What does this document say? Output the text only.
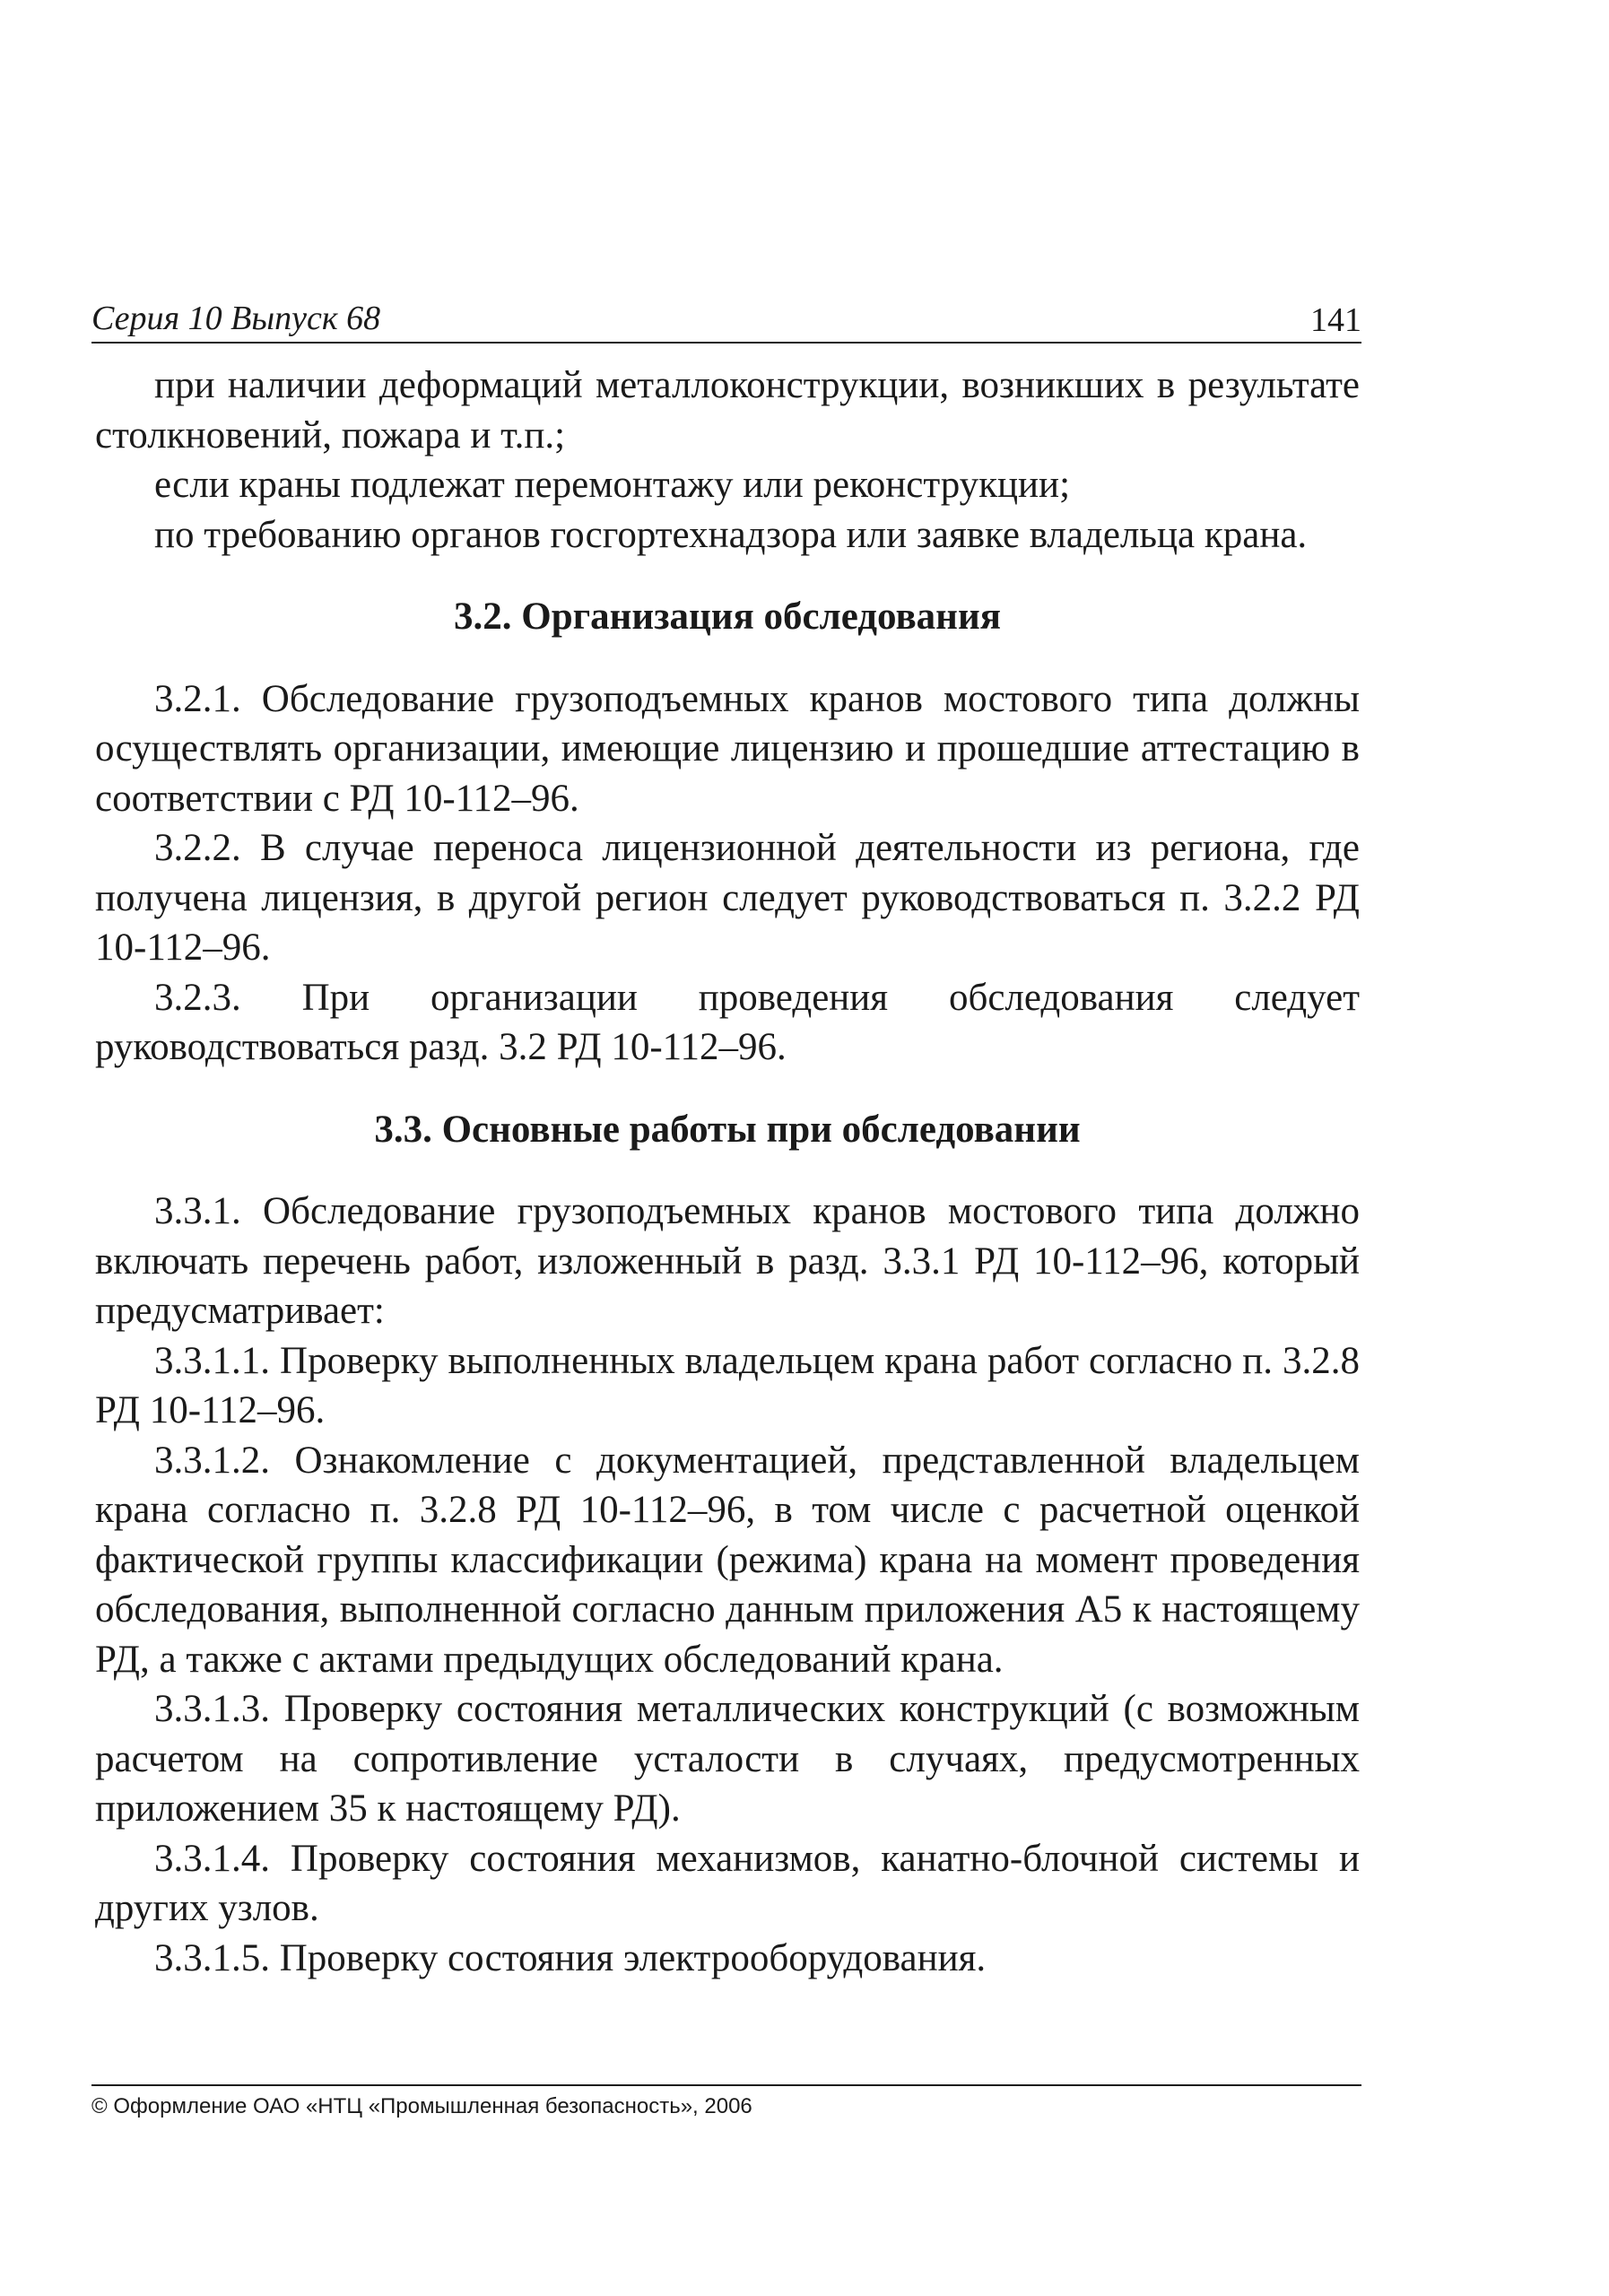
Серия 10 Выпуск 68	141

при наличии деформаций металлоконструкции, возникших в результате столкновений, пожара и т.п.;

если краны подлежат перемонтажу или реконструкции;

по требованию органов госгортехнадзора или заявке владельца крана.

3.2. Организация обследования

3.2.1. Обследование грузоподъемных кранов мостового типа должны осуществлять организации, имеющие лицензию и прошедшие аттестацию в соответствии с РД 10-112–96.

3.2.2. В случае переноса лицензионной деятельности из региона, где получена лицензия, в другой регион следует руководствоваться п. 3.2.2 РД 10-112–96.

3.2.3. При организации проведения обследования следует руководствоваться разд. 3.2 РД 10-112–96.

3.3. Основные работы при обследовании

3.3.1. Обследование грузоподъемных кранов мостового типа должно включать перечень работ, изложенный в разд. 3.3.1 РД 10-112–96, который предусматривает:

3.3.1.1. Проверку выполненных владельцем крана работ согласно п. 3.2.8 РД 10-112–96.

3.3.1.2. Ознакомление с документацией, представленной владельцем крана согласно п. 3.2.8 РД 10-112–96, в том числе с расчетной оценкой фактической группы классификации (режима) крана на момент проведения обследования, выполненной согласно данным приложения А5 к настоящему РД, а также с актами предыдущих обследований крана.

3.3.1.3. Проверку состояния металлических конструкций (с возможным расчетом на сопротивление усталости в случаях, предусмотренных приложением 35 к настоящему РД).

3.3.1.4. Проверку состояния механизмов, канатно-блочной системы и других узлов.

3.3.1.5. Проверку состояния электрооборудования.

© Оформление ОАО «НТЦ «Промышленная безопасность», 2006
